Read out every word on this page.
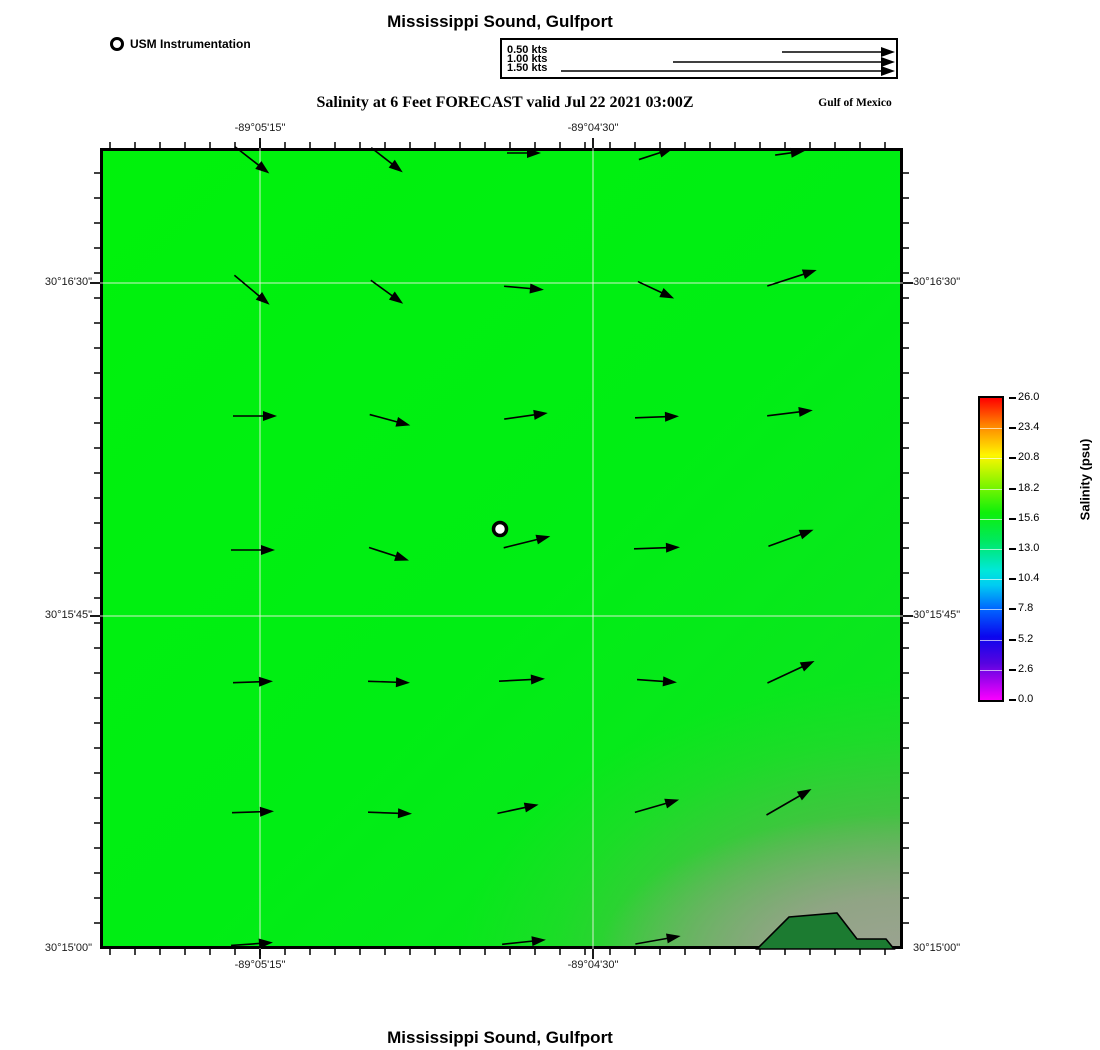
Mississippi Sound, Gulfport
USM Instrumentation	0.50 kts
1.00 kts
1.50 kts
Salinity at 6 Feet FORECAST valid Jul 22 2021 03:00Z	Gulf of Mexico
26.0
23.4
20.8
18.2
15.6
13.0
10.4
7.8
5.2
2.6
0.0
Salinity (psu)
Mississippi Sound, Gulfport
-89°05'15"
-89°05'15"
-89°04'30"
-89°04'30"
30°16'30"	30°16'30"
30°15'45"	30°15'45"
30°15'00"	30°15'00"
